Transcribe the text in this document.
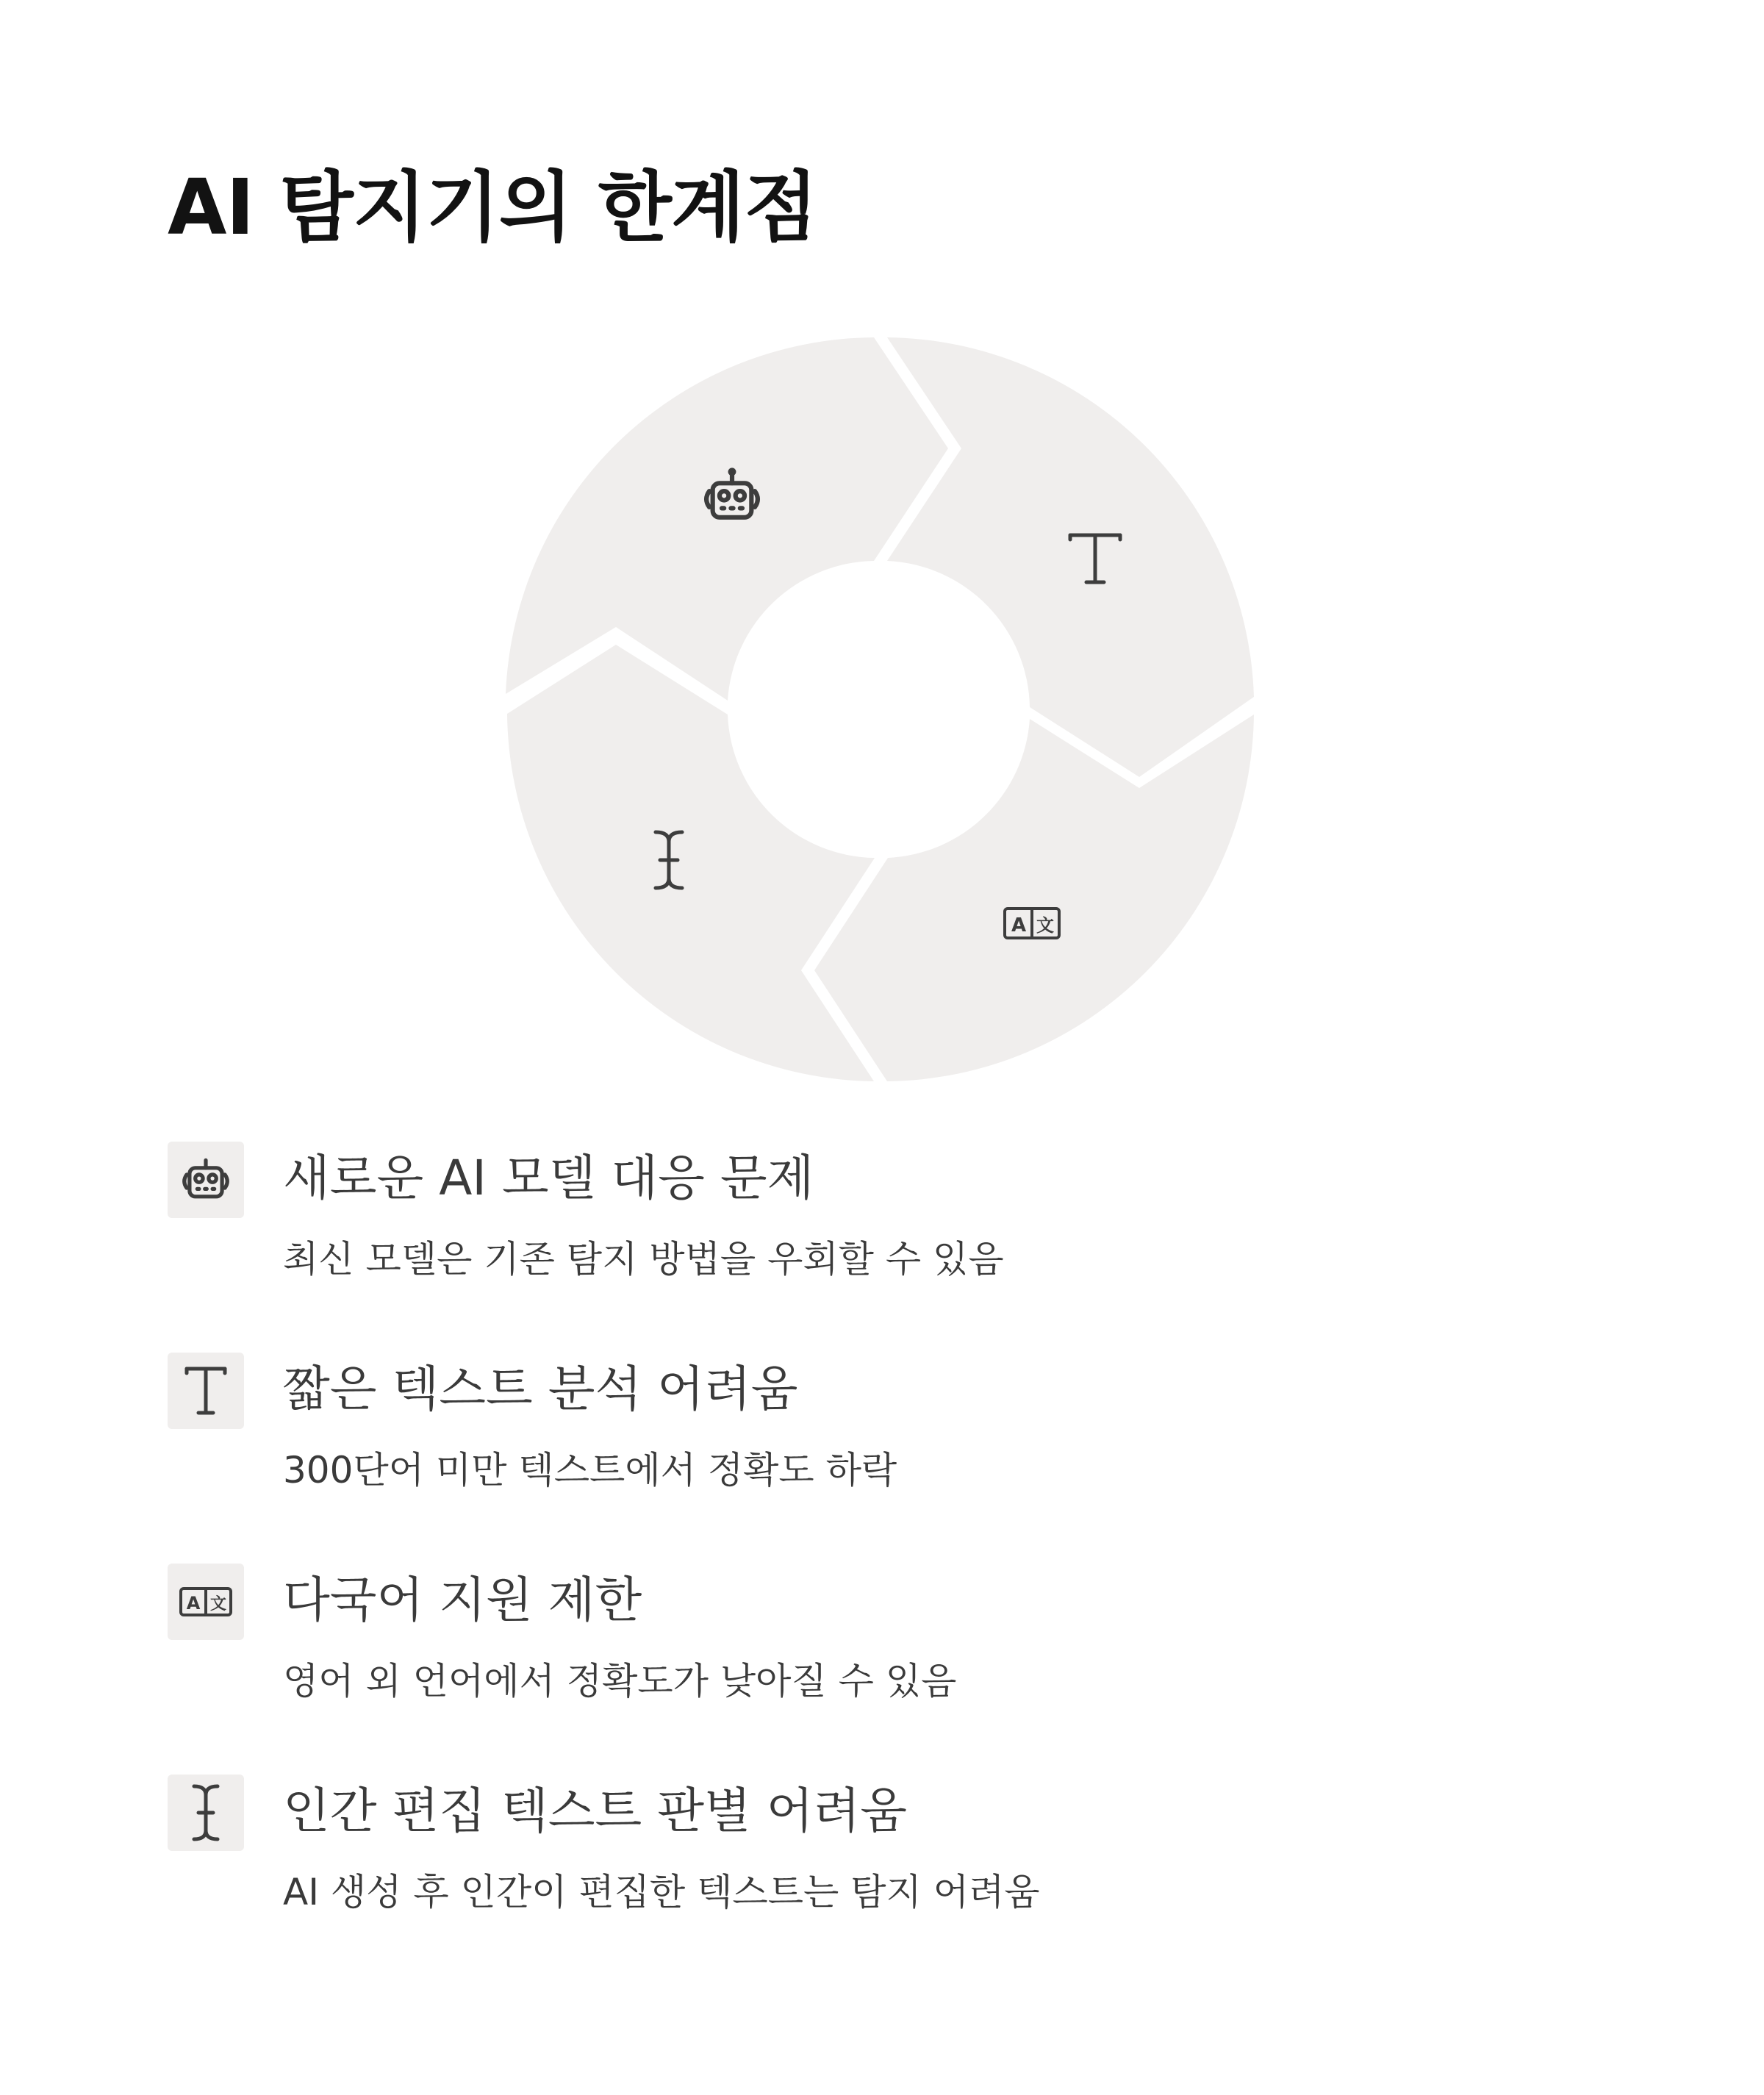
AI 탐지기의 한계점
A 文
새로운 AI 모델 대응 문제

최신 모델은 기존 탐지 방법을 우회할 수 있음

짧은 텍스트 분석 어려움

300단어 미만 텍스트에서 정확도 하락

A 文 다국어 지원 제한

영어 외 언어에서 정확도가 낮아질 수 있음

인간 편집 텍스트 판별 어려움

AI 생성 후 인간이 편집한 텍스트는 탐지 어려움
